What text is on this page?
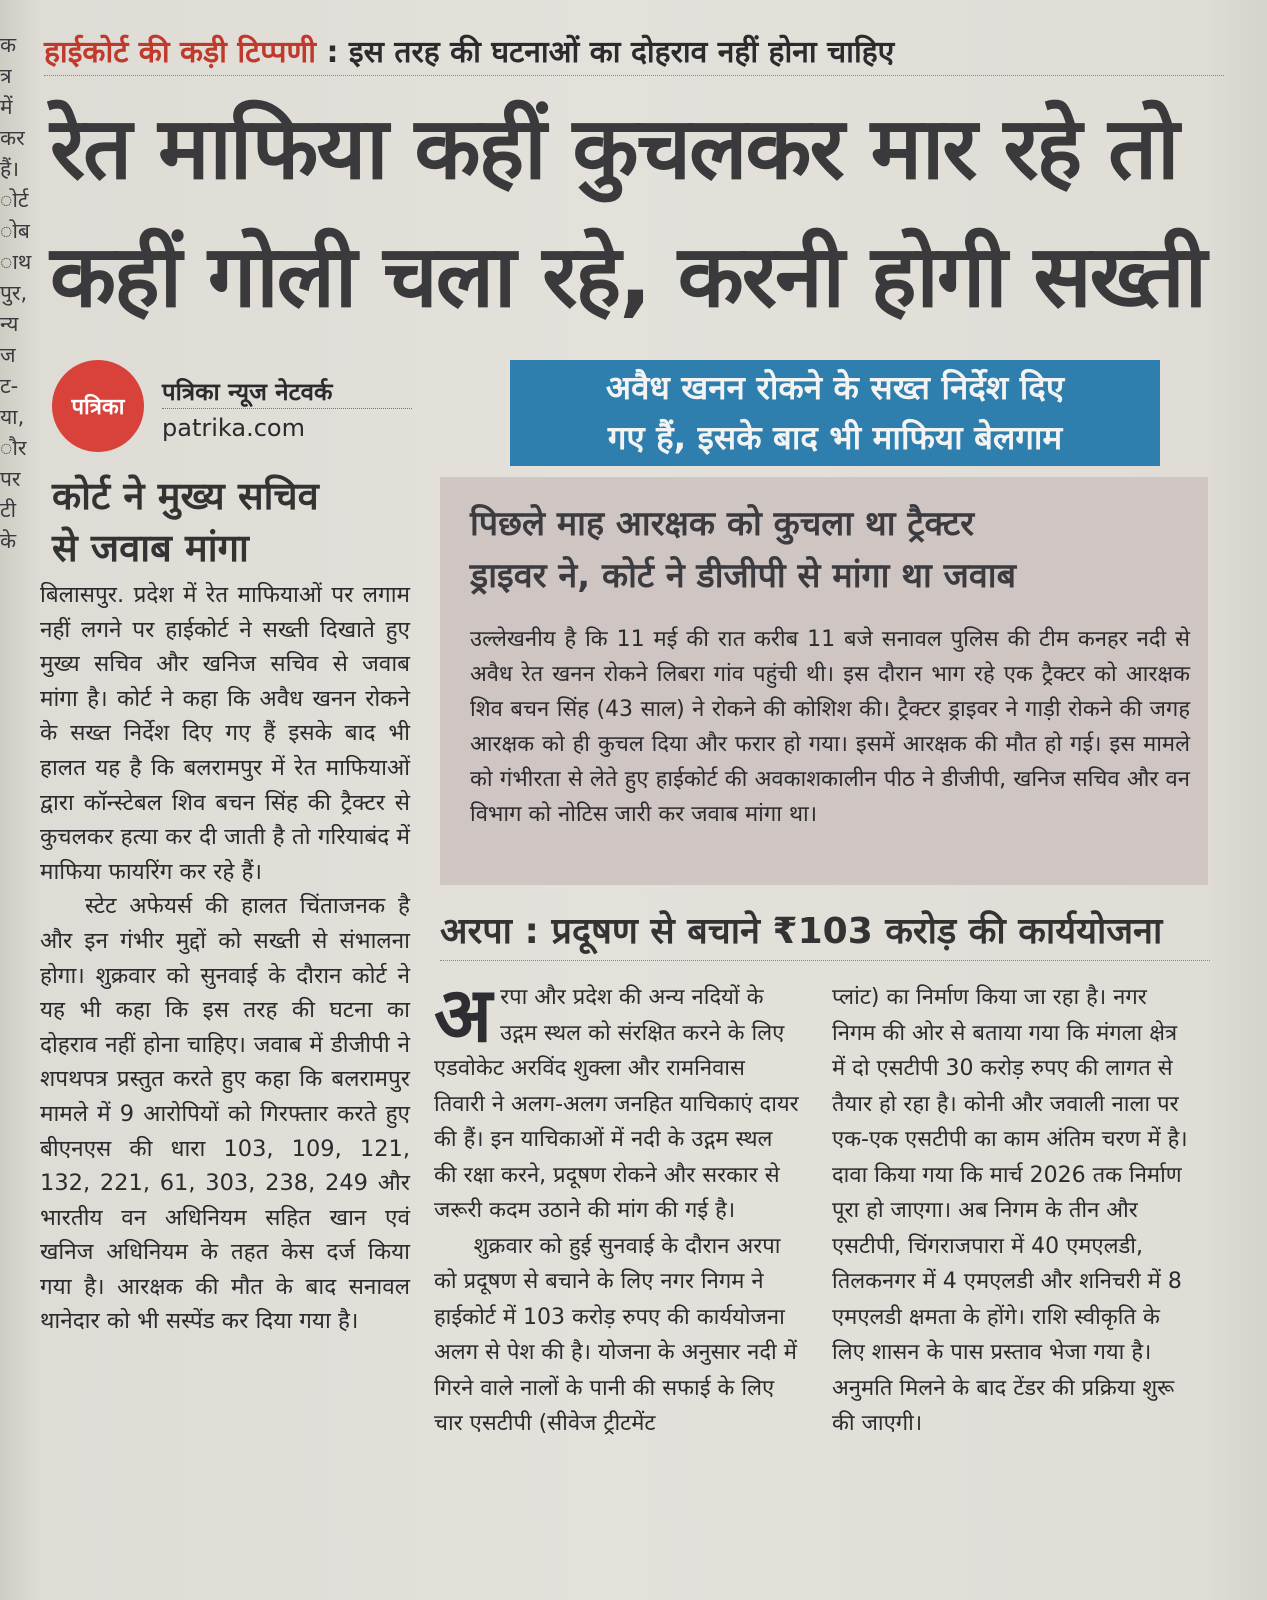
क
त्र
में
कर
हैं।
ोर्ट
ोब
ाथ
पुर,
न्य
ज
ट-
या,
ौर
पर
टी
के
हाईकोर्ट की कड़ी टिप्पणी : इस तरह की घटनाओं का दोहराव नहीं होना चाहिए
रेत माफिया कहीं कुचलकर मार रहे तो
कहीं गोली चला रहे, करनी होगी सख्ती
पत्रिका
पत्रिका न्यूज नेटवर्क
patrika.com
अवैध खनन रोकने के सख्त निर्देश दिए
गए हैं, इसके बाद भी माफिया बेलगाम
कोर्ट ने मुख्य सचिव
से जवाब मांगा

बिलासपुर. प्रदेश में रेत माफियाओं पर लगाम नहीं लगने पर हाईकोर्ट ने सख्ती दिखाते हुए मुख्य सचिव और खनिज सचिव से जवाब मांगा है। कोर्ट ने कहा कि अवैध खनन रोकने के सख्त निर्देश दिए गए हैं इसके बाद भी हालत यह है कि बलरामपुर में रेत माफियाओं द्वारा कॉन्स्टेबल शिव बचन सिंह की ट्रैक्टर से कुचलकर हत्या कर दी जाती है तो गरियाबंद में माफिया फायरिंग कर रहे हैं।

स्टेट अफेयर्स की हालत चिंताजनक है और इन गंभीर मुद्दों को सख्ती से संभालना होगा। शुक्रवार को सुनवाई के दौरान कोर्ट ने यह भी कहा कि इस तरह की घटना का दोहराव नहीं होना चाहिए। जवाब में डीजीपी ने शपथपत्र प्रस्तुत करते हुए कहा कि बलरामपुर मामले में 9 आरोपियों को गिरफ्तार करते हुए बीएनएस की धारा 103, 109, 121, 132, 221, 61, 303, 238, 249 और भारतीय वन अधिनियम सहित खान एवं खनिज अधिनियम के तहत केस दर्ज किया गया है। आरक्षक की मौत के बाद सनावल थानेदार को भी सस्पेंड कर दिया गया है।

पिछले माह आरक्षक को कुचला था ट्रैक्टर
ड्राइवर ने, कोर्ट ने डीजीपी से मांगा था जवाब
उल्लेखनीय है कि 11 मई की रात करीब 11 बजे सनावल पुलिस की टीम कनहर नदी से अवैध रेत खनन रोकने लिबरा गांव पहुंची थी। इस दौरान भाग रहे एक ट्रैक्टर को आरक्षक शिव बचन सिंह (43 साल) ने रोकने की कोशिश की। ट्रैक्टर ड्राइवर ने गाड़ी रोकने की जगह आरक्षक को ही कुचल दिया और फरार हो गया। इसमें आरक्षक की मौत हो गई। इस मामले को गंभीरता से लेते हुए हाईकोर्ट की अवकाशकालीन पीठ ने डीजीपी, खनिज सचिव और वन विभाग को नोटिस जारी कर जवाब मांगा था।
अरपा : प्रदूषण से बचाने ₹103 करोड़ की कार्ययोजना

अरपा और प्रदेश की अन्य नदियों के उद्गम स्थल को संरक्षित करने के लिए एडवोकेट अरविंद शुक्ला और रामनिवास तिवारी ने अलग-अलग जनहित याचिकाएं दायर की हैं। इन याचिकाओं में नदी के उद्गम स्थल की रक्षा करने, प्रदूषण रोकने और सरकार से जरूरी कदम उठाने की मांग की गई है।

शुक्रवार को हुई सुनवाई के दौरान अरपा को प्रदूषण से बचाने के लिए नगर निगम ने हाईकोर्ट में 103 करोड़ रुपए की कार्ययोजना अलग से पेश की है। योजना के अनुसार नदी में गिरने वाले नालों के पानी की सफाई के लिए चार एसटीपी (सीवेज ट्रीटमेंट

प्लांट) का निर्माण किया जा रहा है। नगर निगम की ओर से बताया गया कि मंगला क्षेत्र में दो एसटीपी 30 करोड़ रुपए की लागत से तैयार हो रहा है। कोनी और जवाली नाला पर एक-एक एसटीपी का काम अंतिम चरण में है। दावा किया गया कि मार्च 2026 तक निर्माण पूरा हो जाएगा। अब निगम के तीन और एसटीपी, चिंगराजपारा में 40 एमएलडी, तिलकनगर में 4 एमएलडी और शनिचरी में 8 एमएलडी क्षमता के होंगे। राशि स्वीकृति के लिए शासन के पास प्रस्ताव भेजा गया है। अनुमति मिलने के बाद टेंडर की प्रक्रिया शुरू की जाएगी।
